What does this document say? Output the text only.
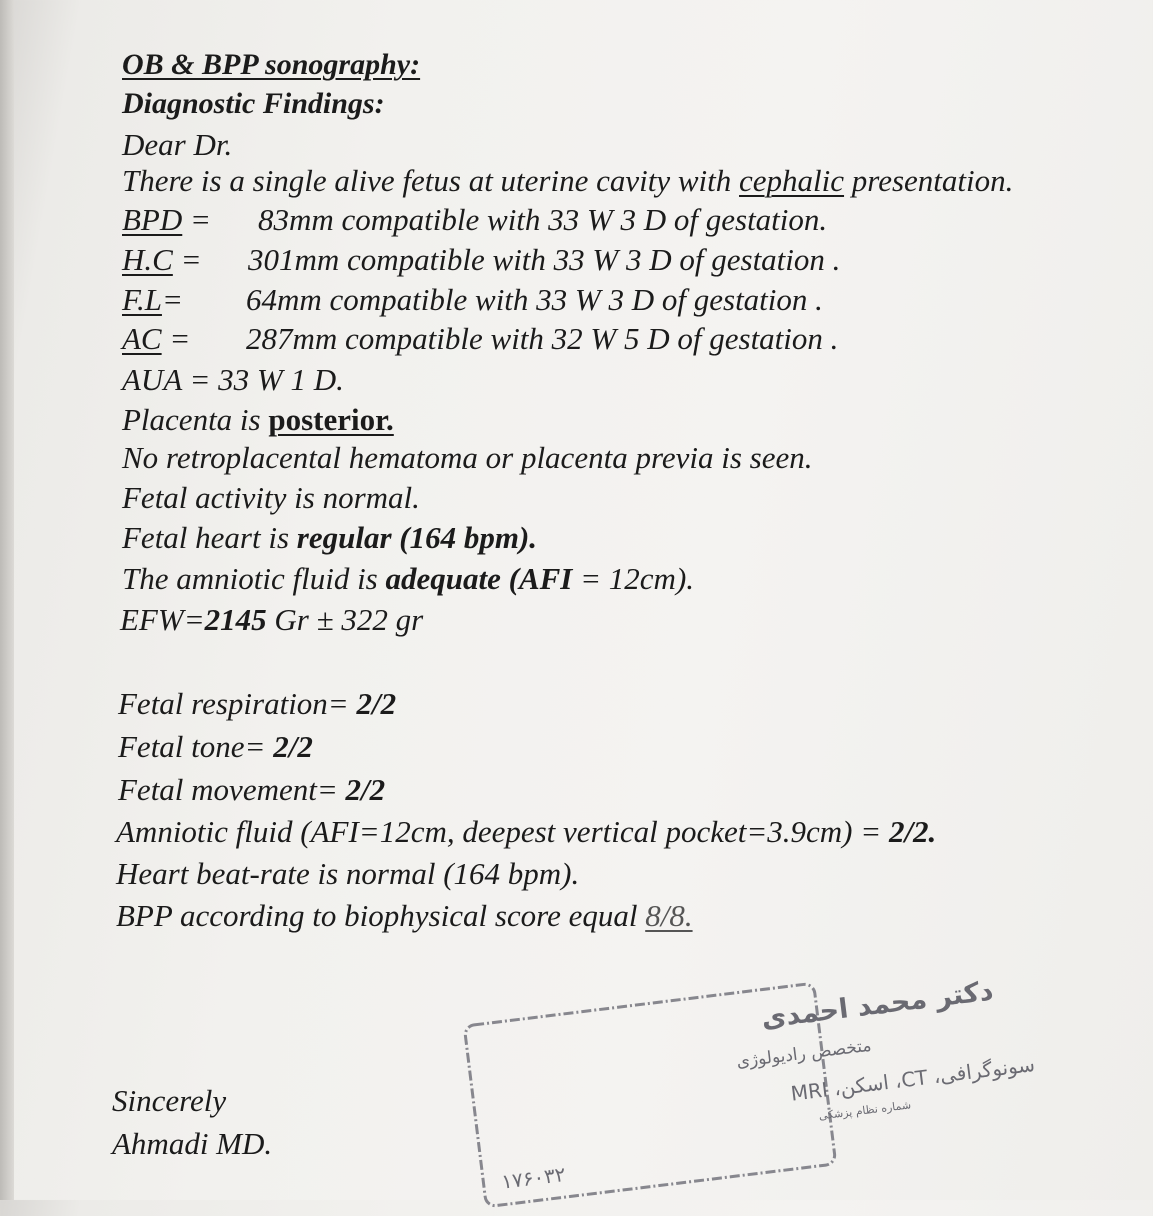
OB & BPP sonography:
Diagnostic Findings:
Dear Dr.
There is a single alive fetus at uterine cavity with cephalic presentation.
BPD = 83mm compatible with 33 W 3 D of gestation.
H.C = 301mm compatible with 33 W 3 D of gestation .
F.L= 64mm compatible with 33 W 3 D of gestation .
AC = 287mm compatible with 32 W 5 D of gestation .
AUA = 33 W 1 D.
Placenta is posterior.
No retroplacental hematoma or placenta previa is seen.
Fetal activity is normal.
Fetal heart is regular (164 bpm).
The amniotic fluid is adequate (AFI = 12cm).
EFW=2145 Gr ± 322 gr
Fetal respiration= 2/2
Fetal tone= 2/2
Fetal movement= 2/2
Amniotic fluid (AFI=12cm, deepest vertical pocket=3.9cm) = 2/2.
Heart beat-rate is normal (164 bpm).
BPP according to biophysical score equal 8/8.
Sincerely
Ahmadi MD.
دکتر محمد احمدی
متخصص رادیولوژی
سونوگرافی، CT، اسکن، MRI
شماره نظام پزشکی
۱۷۶۰۳۲
